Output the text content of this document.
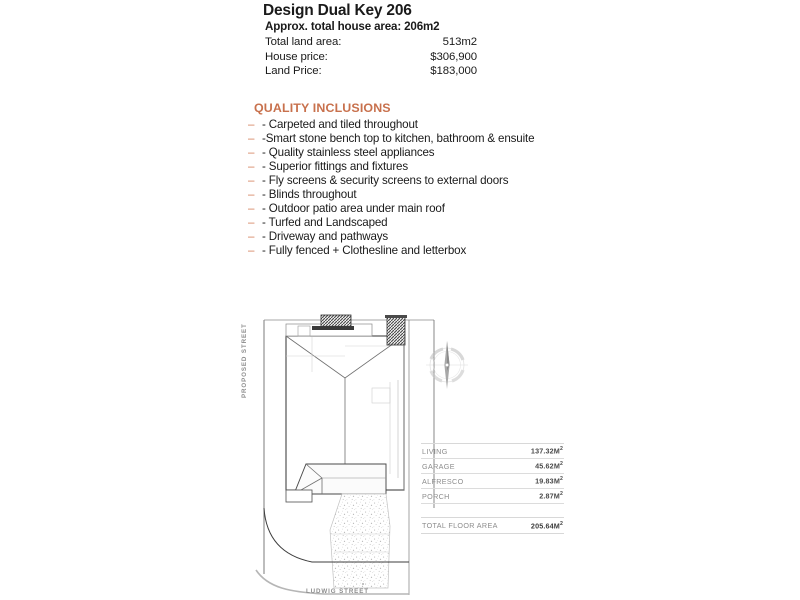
Design Dual Key 206
Approx. total house area: 206m2
Total land area:	513m2
House price:	$306,900
Land Price:	$183,000
QUALITY INCLUSIONS
– - Carpeted and tiled throughout
– -Smart stone bench top to kitchen, bathroom & ensuite
– - Quality stainless steel appliances
– - Superior fittings and fixtures
– - Fly screens & security screens to external doors
– - Blinds throughout
– - Outdoor patio area under main roof
– - Turfed and Landscaped
– - Driveway and pathways
– - Fully fenced + Clothesline and letterbox
PROPOSED STREET
LUDWIG STREET
LIVING	$137.32M^2$
GARAGE	$45.62M^2$
ALFRESCO	$19.83M^2$
PORCH	$2.87M^2$
TOTAL FLOOR AREA	$205.64M^2$
